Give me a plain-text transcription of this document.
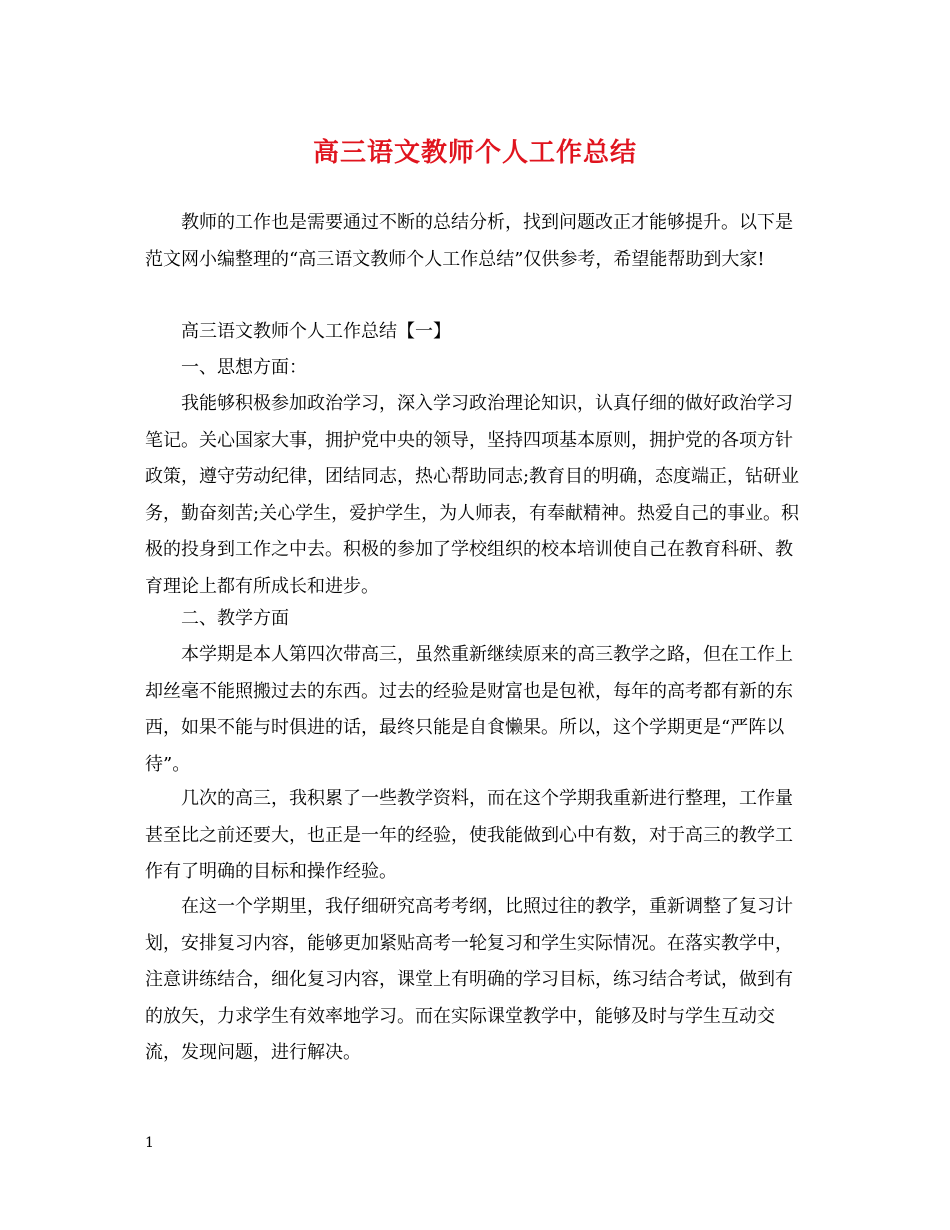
高三语文教师个人工作总结

教师的工作也是需要通过不断的总结分析，找到问题改正才能够提升。以下是范文网小编整理的“高三语文教师个人工作总结”仅供参考，希望能帮助到大家!

高三语文教师个人工作总结【一】

一、思想方面：

我能够积极参加政治学习，深入学习政治理论知识，认真仔细的做好政治学习笔记。关心国家大事，拥护党中央的领导，坚持四项基本原则，拥护党的各项方针政策，遵守劳动纪律，团结同志，热心帮助同志;教育目的明确，态度端正，钻研业务，勤奋刻苦;关心学生，爱护学生，为人师表，有奉献精神。热爱自己的事业。积极的投身到工作之中去。积极的参加了学校组织的校本培训使自己在教育科研、教育理论上都有所成长和进步。

二、教学方面

本学期是本人第四次带高三，虽然重新继续原来的高三教学之路，但在工作上却丝毫不能照搬过去的东西。过去的经验是财富也是包袱，每年的高考都有新的东西，如果不能与时俱进的话，最终只能是自食懒果。所以，这个学期更是“严阵以待”。

几次的高三，我积累了一些教学资料，而在这个学期我重新进行整理，工作量甚至比之前还要大，也正是一年的经验，使我能做到心中有数，对于高三的教学工作有了明确的目标和操作经验。

在这一个学期里，我仔细研究高考考纲，比照过往的教学，重新调整了复习计划，安排复习内容，能够更加紧贴高考一轮复习和学生实际情况。在落实教学中，注意讲练结合，细化复习内容，课堂上有明确的学习目标，练习结合考试，做到有的放矢，力求学生有效率地学习。而在实际课堂教学中，能够及时与学生互动交流，发现问题，进行解决。

1
